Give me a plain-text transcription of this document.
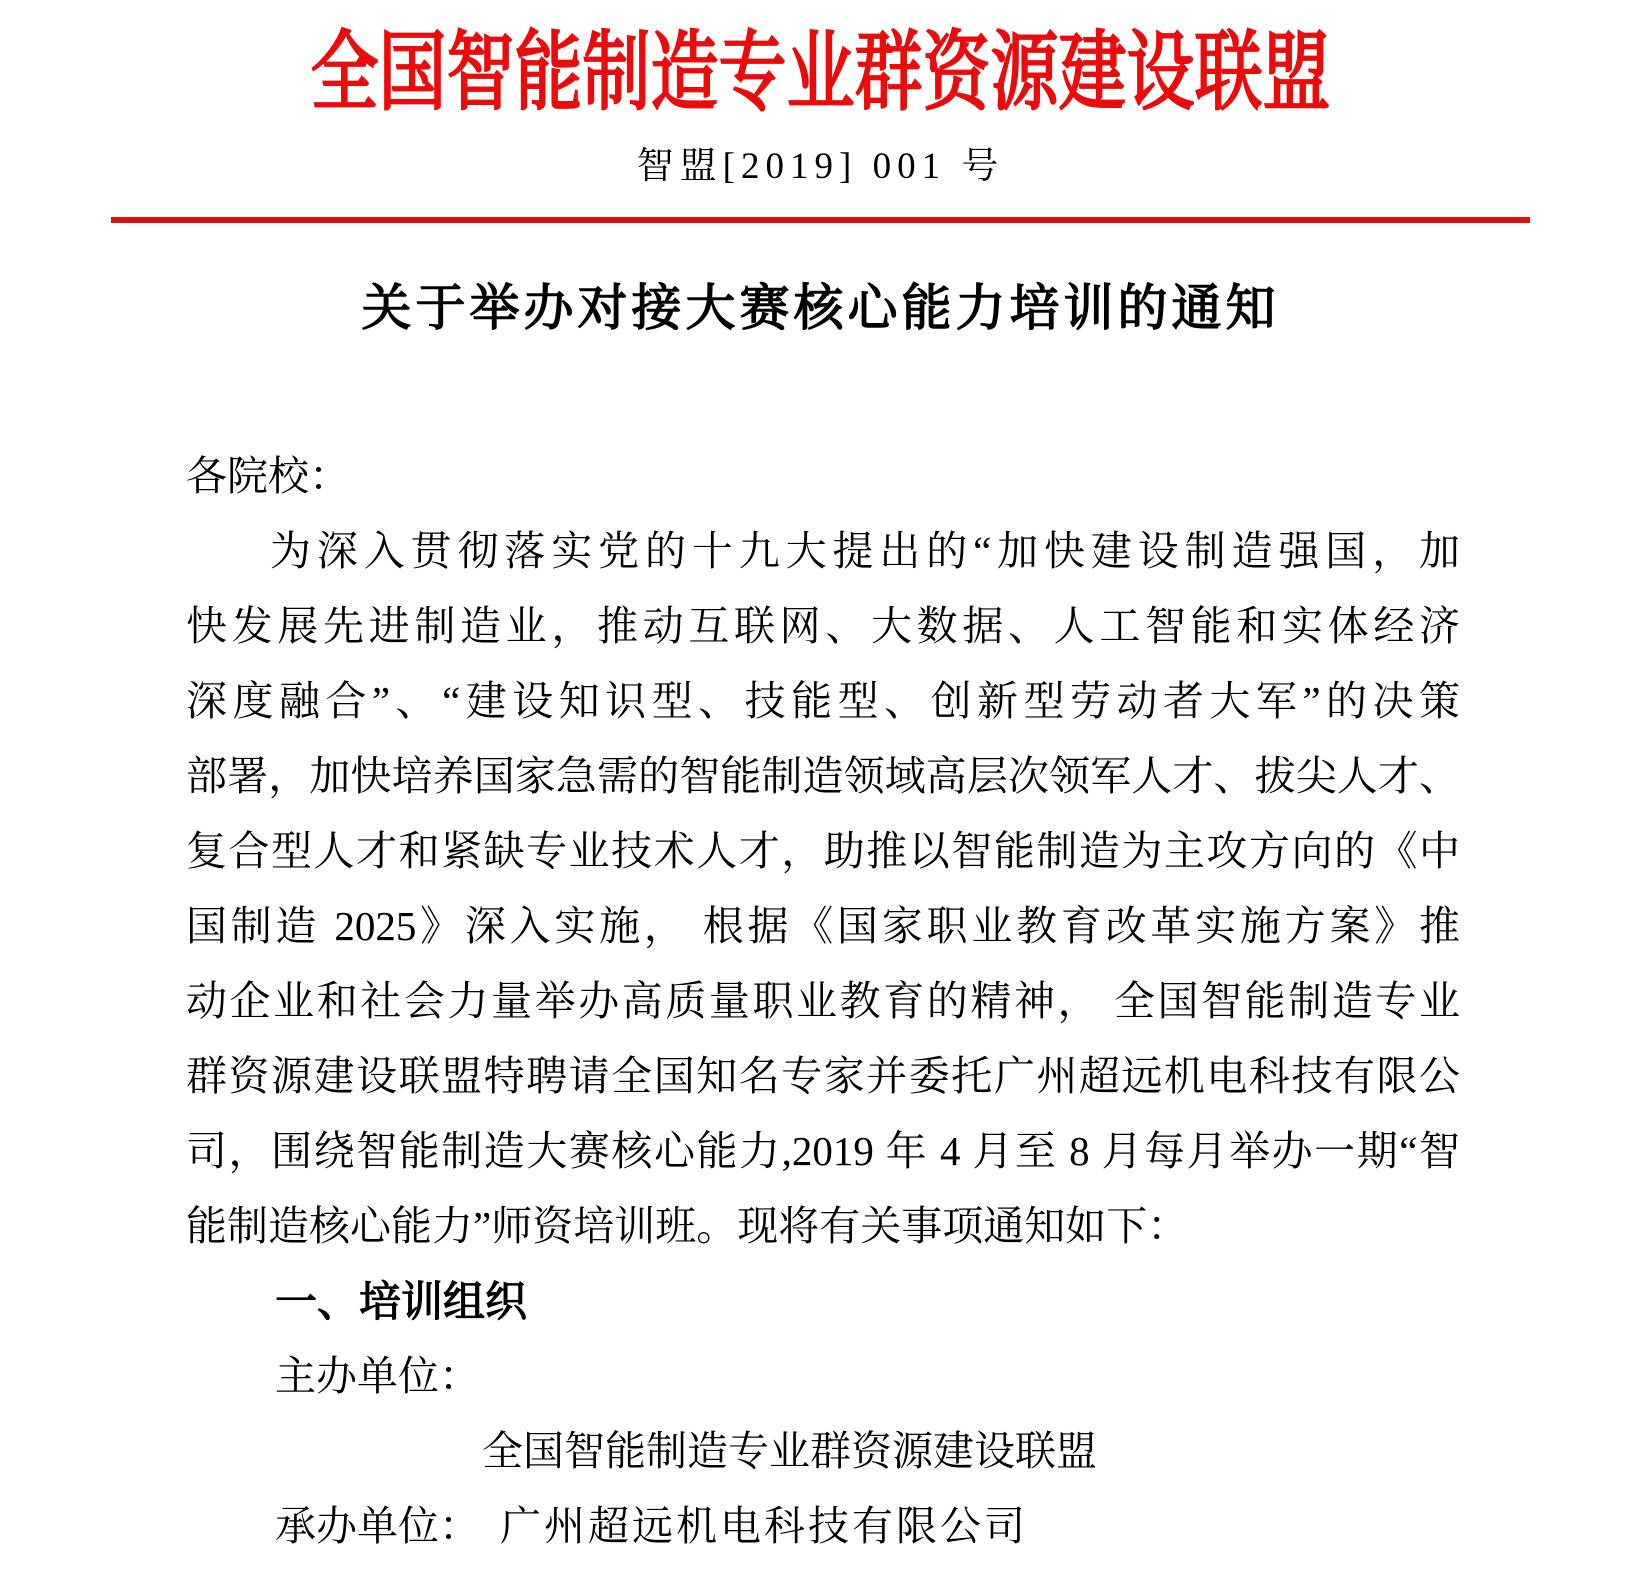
全国智能制造专业群资源建设联盟
智盟[2019] 001 号
关于举办对接大赛核心能力培训的通知
各院校：
为深入贯彻落实党的十九大提出的“加快建设制造强国，加
快发展先进制造业，推动互联网、大数据、人工智能和实体经济
深度融合”、“建设知识型、技能型、创新型劳动者大军”的决策
部署，加快培养国家急需的智能制造领域高层次领军人才、拔尖人才、
复合型人才和紧缺专业技术人才，助推以智能制造为主攻方向的《中
国制造 2025》深入实施， 根据《国家职业教育改革实施方案》推
动企业和社会力量举办高质量职业教育的精神， 全国智能制造专业
群资源建设联盟特聘请全国知名专家并委托广州超远机电科技有限公
司，围绕智能制造大赛核心能力,2019 年 4 月至 8 月每月举办一期“智
能制造核心能力”师资培训班。现将有关事项通知如下：
一、培训组织
主办单位：
全国智能制造专业群资源建设联盟
承办单位： 广州超远机电科技有限公司
